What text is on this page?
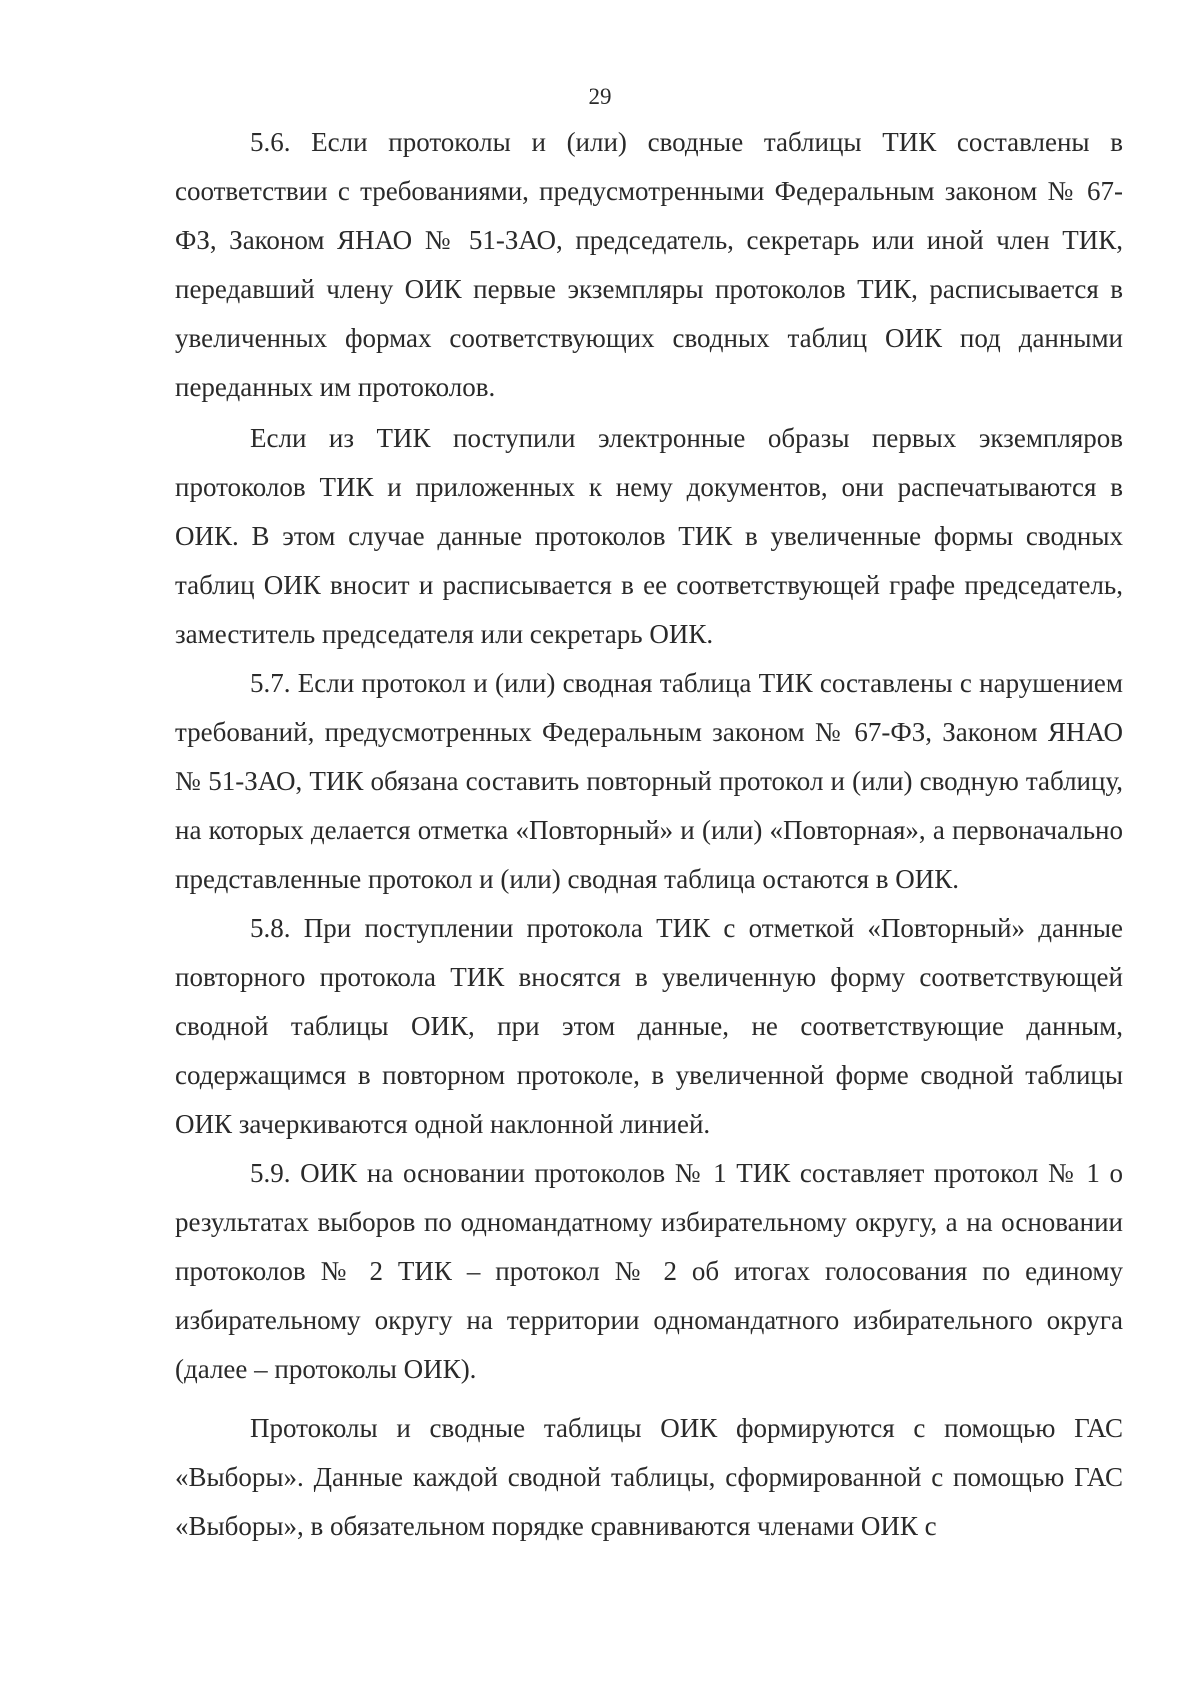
29

5.6. Если протоколы и (или) сводные таблицы ТИК составлены в соответствии с требованиями, предусмотренными Федеральным законом № 67-ФЗ, Законом ЯНАО № 51-ЗАО, председатель, секретарь или иной член ТИК, передавший члену ОИК первые экземпляры протоколов ТИК, расписывается в увеличенных формах соответствующих сводных таблиц ОИК под данными переданных им протоколов.

Если из ТИК поступили электронные образы первых экземпляров протоколов ТИК и приложенных к нему документов, они распечатываются в ОИК. В этом случае данные протоколов ТИК в увеличенные формы сводных таблиц ОИК вносит и расписывается в ее соответствующей графе председатель, заместитель председателя или секретарь ОИК.

5.7. Если протокол и (или) сводная таблица ТИК составлены с нарушением требований, предусмотренных Федеральным законом № 67-ФЗ, Законом ЯНАО № 51-ЗАО, ТИК обязана составить повторный протокол и (или) сводную таблицу, на которых делается отметка «Повторный» и (или) «Повторная», а первоначально представленные протокол и (или) сводная таблица остаются в ОИК.

5.8. При поступлении протокола ТИК с отметкой «Повторный» данные повторного протокола ТИК вносятся в увеличенную форму соответствующей сводной таблицы ОИК, при этом данные, не соответствующие данным, содержащимся в повторном протоколе, в увеличенной форме сводной таблицы ОИК зачеркиваются одной наклонной линией.

5.9. ОИК на основании протоколов № 1 ТИК составляет протокол № 1 о результатах выборов по одномандатному избирательному округу, а на основании протоколов № 2 ТИК – протокол № 2 об итогах голосования по единому избирательному округу на территории одномандатного избирательного округа (далее – протоколы ОИК).

Протоколы и сводные таблицы ОИК формируются с помощью ГАС «Выборы». Данные каждой сводной таблицы, сформированной с помощью ГАС «Выборы», в обязательном порядке сравниваются членами ОИК с
